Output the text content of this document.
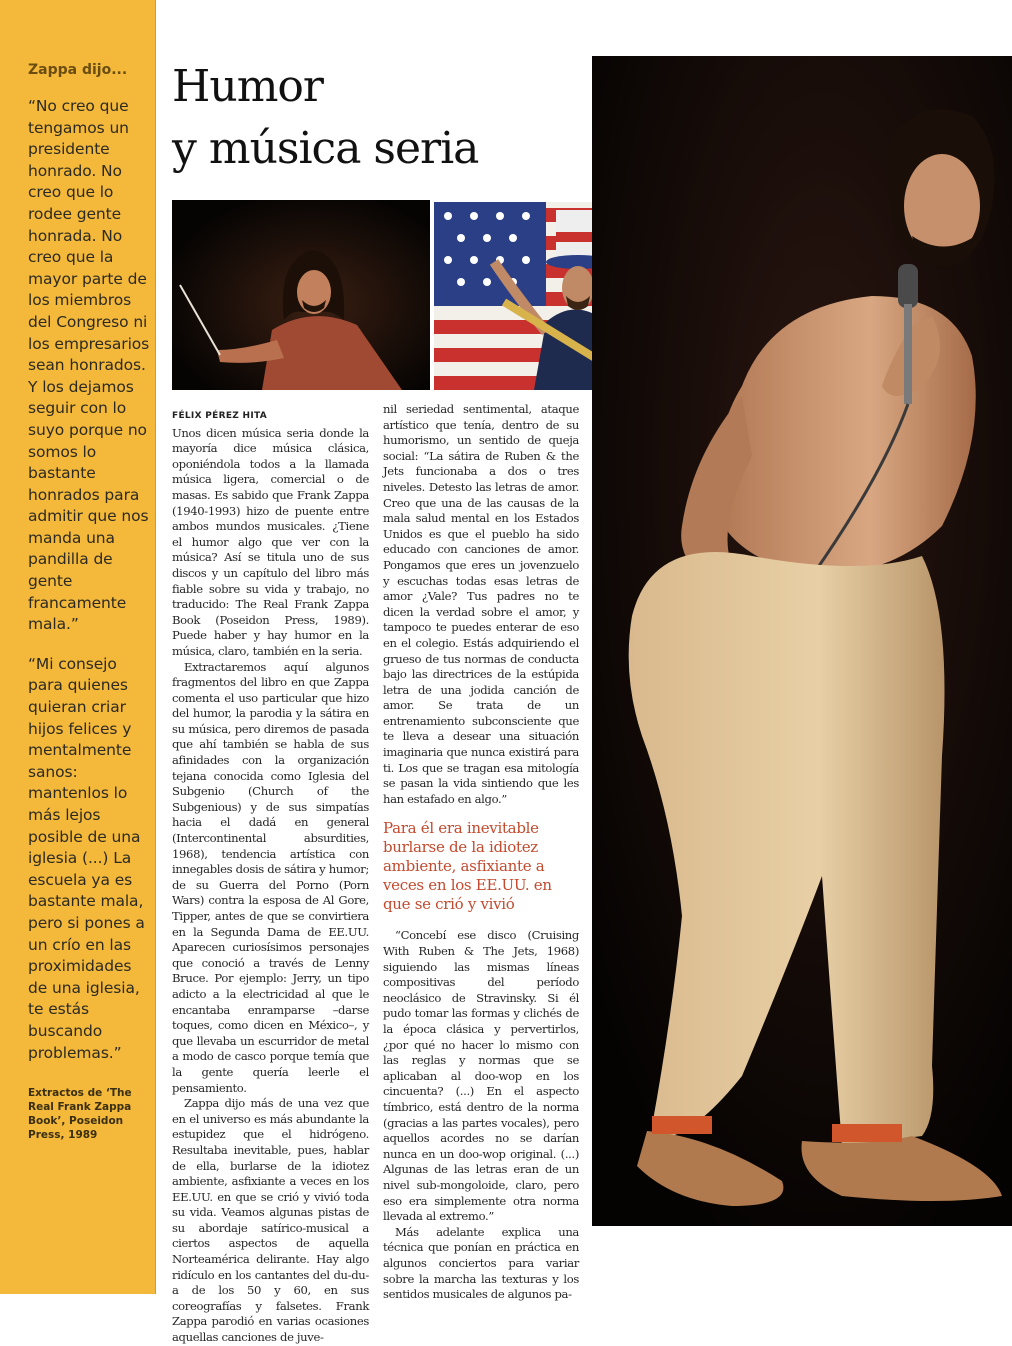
Zappa dijo...

“No creo que tengamos un presidente honrado. No creo que lo rodee gente honrada. No creo que la mayor parte de los miembros del Congreso ni los empresarios sean honrados. Y los dejamos seguir con lo suyo porque no somos lo bastante honrados para admitir que nos manda una pandilla de gente francamente mala.”

“Mi consejo para quienes quieran criar hijos felices y mentalmente sanos: mantenlos lo más lejos posible de una iglesia (...) La escuela ya es bastante mala, pero si pones a un crío en las proximidades de una iglesia, te estás buscando problemas.”

Extractos de ‘The Real Frank Zappa Book’, Poseidon Press, 1989
Humor
y música seria
FÉLIX PÉREZ HITA

Unos dicen música seria donde la mayoría dice música clásica, oponiéndola todos a la llamada música ligera, comercial o de masas. Es sabido que Frank Zappa (1940-1993) hizo de puente entre ambos mundos musicales. ¿Tiene el humor algo que ver con la música? Así se titula uno de sus discos y un capítulo del libro más fiable sobre su vida y trabajo, no traducido: The Real Frank Zappa Book (Poseidon Press, 1989). Puede haber y hay humor en la música, claro, también en la seria.

Extractaremos aquí algunos fragmentos del libro en que Zappa comenta el uso particular que hizo del humor, la parodia y la sátira en su música, pero diremos de pasada que ahí también se habla de sus afinidades con la organización tejana conocida como Iglesia del Subgenio (Church of the Subgenious) y de sus simpatías hacia el dadá en general (Intercontinental absurdities, 1968), tendencia artística con innegables dosis de sátira y humor; de su Guerra del Porno (Porn Wars) contra la esposa de Al Gore, Tipper, antes de que se convirtiera en la Segunda Dama de EE.UU. Aparecen curiosísimos personajes que conoció a través de Lenny Bruce. Por ejemplo: Jerry, un tipo adicto a la electricidad al que le encantaba enramparse –darse toques, como dicen en México–, y que llevaba un escurridor de metal a modo de casco porque temía que la gente quería leerle el pensamiento.

Zappa dijo más de una vez que en el universo es más abundante la estupidez que el hidrógeno. Resultaba inevitable, pues, hablar de ella, burlarse de la idiotez ambiente, asfixiante a veces en los EE.UU. en que se crió y vivió toda su vida. Veamos algunas pistas de su abordaje satírico-musical a ciertos aspectos de aquella Norteamérica delirante. Hay algo ridículo en los cantantes del du-du-a de los 50 y 60, en sus coreografías y falsetes. Frank Zappa parodió en varias ocasiones aquellas canciones de juve-

nil seriedad sentimental, ataque artístico que tenía, dentro de su humorismo, un sentido de queja social: “La sátira de Ruben & the Jets funcionaba a dos o tres niveles. Detesto las letras de amor. Creo que una de las causas de la mala salud mental en los Estados Unidos es que el pueblo ha sido educado con canciones de amor. Pongamos que eres un jovenzuelo y escuchas todas esas letras de amor ¿Vale? Tus padres no te dicen la verdad sobre el amor, y tampoco te puedes enterar de eso en el colegio. Estás adquiriendo el grueso de tus normas de conducta bajo las directrices de la estúpida letra de una jodida canción de amor. Se trata de un entrenamiento subconsciente que te lleva a desear una situación imaginaria que nunca existirá para ti. Los que se tragan esa mitología se pasan la vida sintiendo que les han estafado en algo.”

Para él era inevitable burlarse de la idiotez ambiente, asfixiante a veces en los EE.UU. en que se crió y vivió

“Concebí ese disco (Cruising With Ruben & The Jets, 1968) siguiendo las mismas líneas compositivas del período neoclásico de Stravinsky. Si él pudo tomar las formas y clichés de la época clásica y pervertirlos, ¿por qué no hacer lo mismo con las reglas y normas que se aplicaban al doo-wop en los cincuenta? (...) En el aspecto tímbrico, está dentro de la norma (gracias a las partes vocales), pero aquellos acordes no se darían nunca en un doo-wop original. (...) Algunas de las letras eran de un nivel sub-mongoloide, claro, pero eso era simplemente otra norma llevada al extremo.”

Más adelante explica una técnica que ponían en práctica en algunos conciertos para variar sobre la marcha las texturas y los sentidos musicales de algunos pa-
